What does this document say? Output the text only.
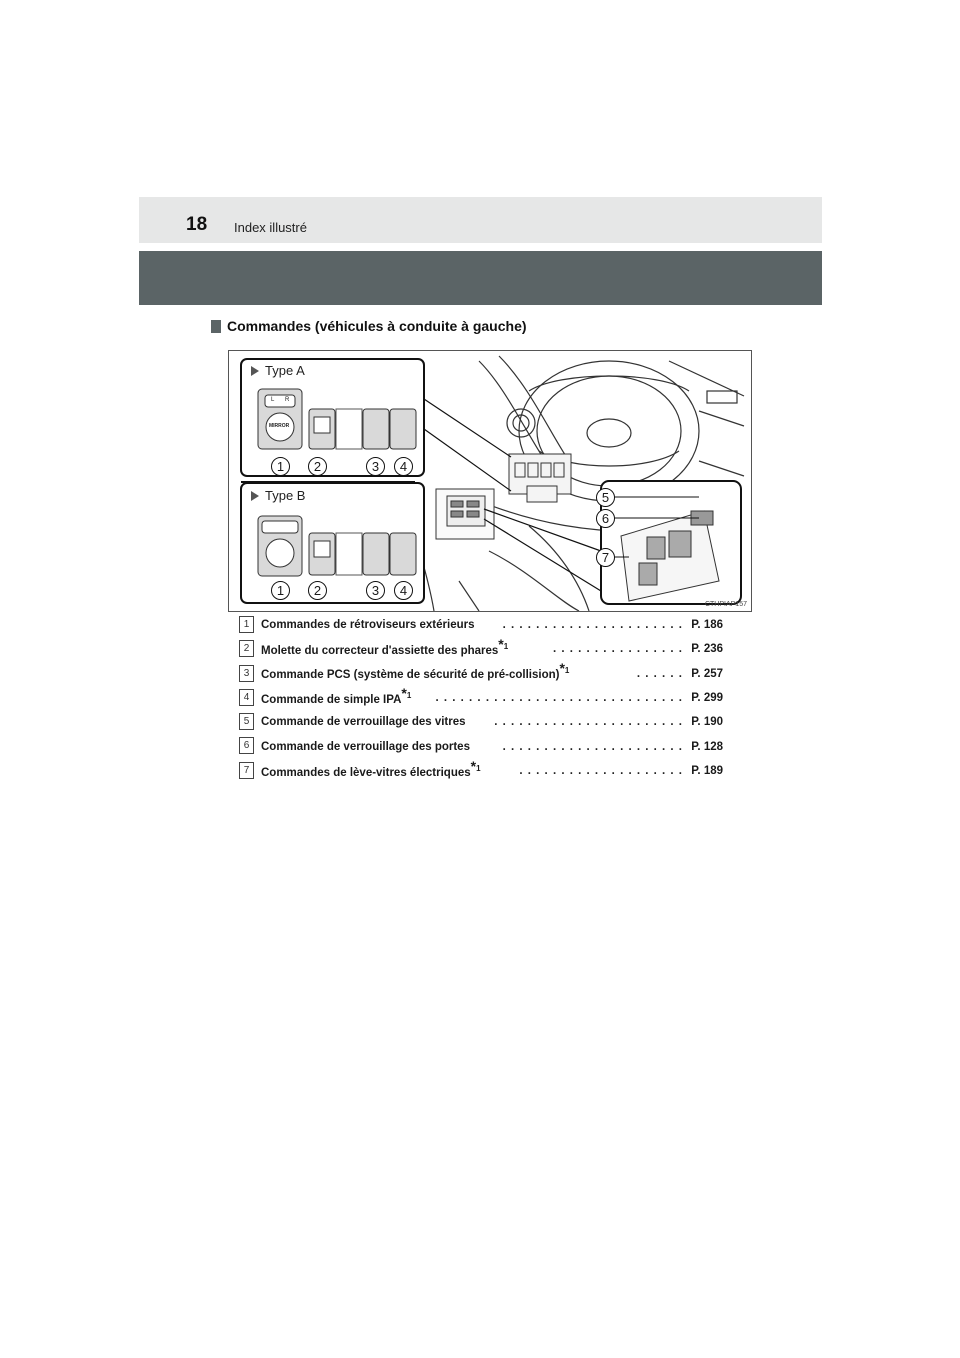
18 Index illustré
Commandes (véhicules à conduite à gauche)
Type A
Type B
MIRROR
L R
1 2	3 4
1 2	3 4
5
6
7
CTHPIAP157
1	Commandes de rétroviseurs extérieurs . . . . . . . . . . . . . . . . . . . . . . P. 186
2	Molette du correcteur d'assiette des phares*$^1$	. . . . . . . . . . . . . . . . P. 236
3	Commande PCS (système de sécurité de pré-collision)*$^1$	. . . . . . P. 257
4	Commande de simple IPA*$^1$ . . . . . . . . . . . . . . . . . . . . . . . . . . . . . . P. 299
5	Commande de verrouillage des vitres . . . . . . . . . . . . . . . . . . . . . . . P. 190
6	Commande de verrouillage des portes	. . . . . . . . . . . . . . . . . . . . . . P. 128
7	Commandes de lève-vitres électriques*$^1$	. . . . . . . . . . . . . . . . . . . . P. 189
